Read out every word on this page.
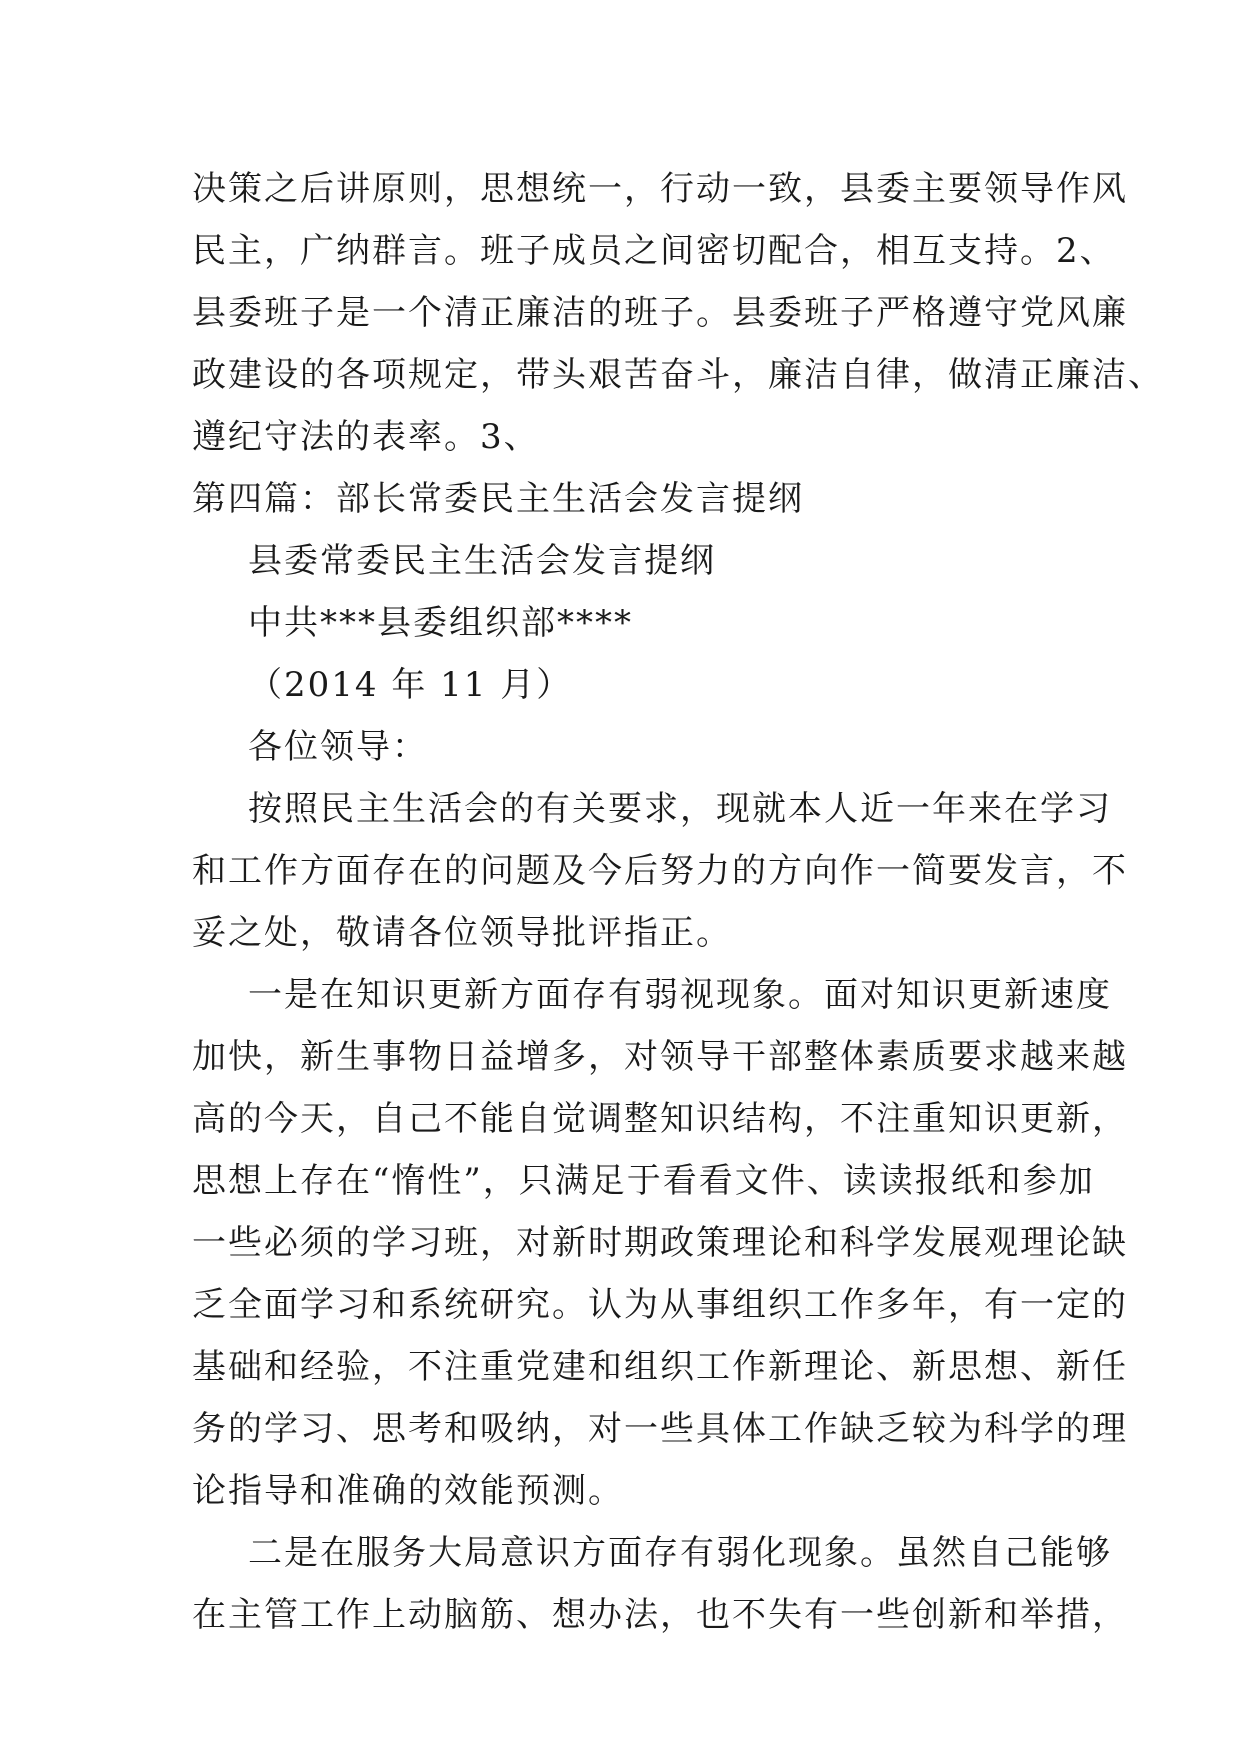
决策之后讲原则，思想统一，行动一致，县委主要领导作风
民主，广纳群言。班子成员之间密切配合，相互支持。2、
县委班子是一个清正廉洁的班子。县委班子严格遵守党风廉
政建设的各项规定，带头艰苦奋斗，廉洁自律，做清正廉洁、
遵纪守法的表率。3、
第四篇：部长常委民主生活会发言提纲
县委常委民主生活会发言提纲
中共***县委组织部****
（2014 年 11 月）
各位领导：
按照民主生活会的有关要求，现就本人近一年来在学习
和工作方面存在的问题及今后努力的方向作一简要发言，不
妥之处，敬请各位领导批评指正。
一是在知识更新方面存有弱视现象。面对知识更新速度
加快，新生事物日益增多，对领导干部整体素质要求越来越
高的今天，自己不能自觉调整知识结构，不注重知识更新，
思想上存在“惰性”，只满足于看看文件、读读报纸和参加
一些必须的学习班，对新时期政策理论和科学发展观理论缺
乏全面学习和系统研究。认为从事组织工作多年，有一定的
基础和经验，不注重党建和组织工作新理论、新思想、新任
务的学习、思考和吸纳，对一些具体工作缺乏较为科学的理
论指导和准确的效能预测。
二是在服务大局意识方面存有弱化现象。虽然自己能够
在主管工作上动脑筋、想办法，也不失有一些创新和举措，
